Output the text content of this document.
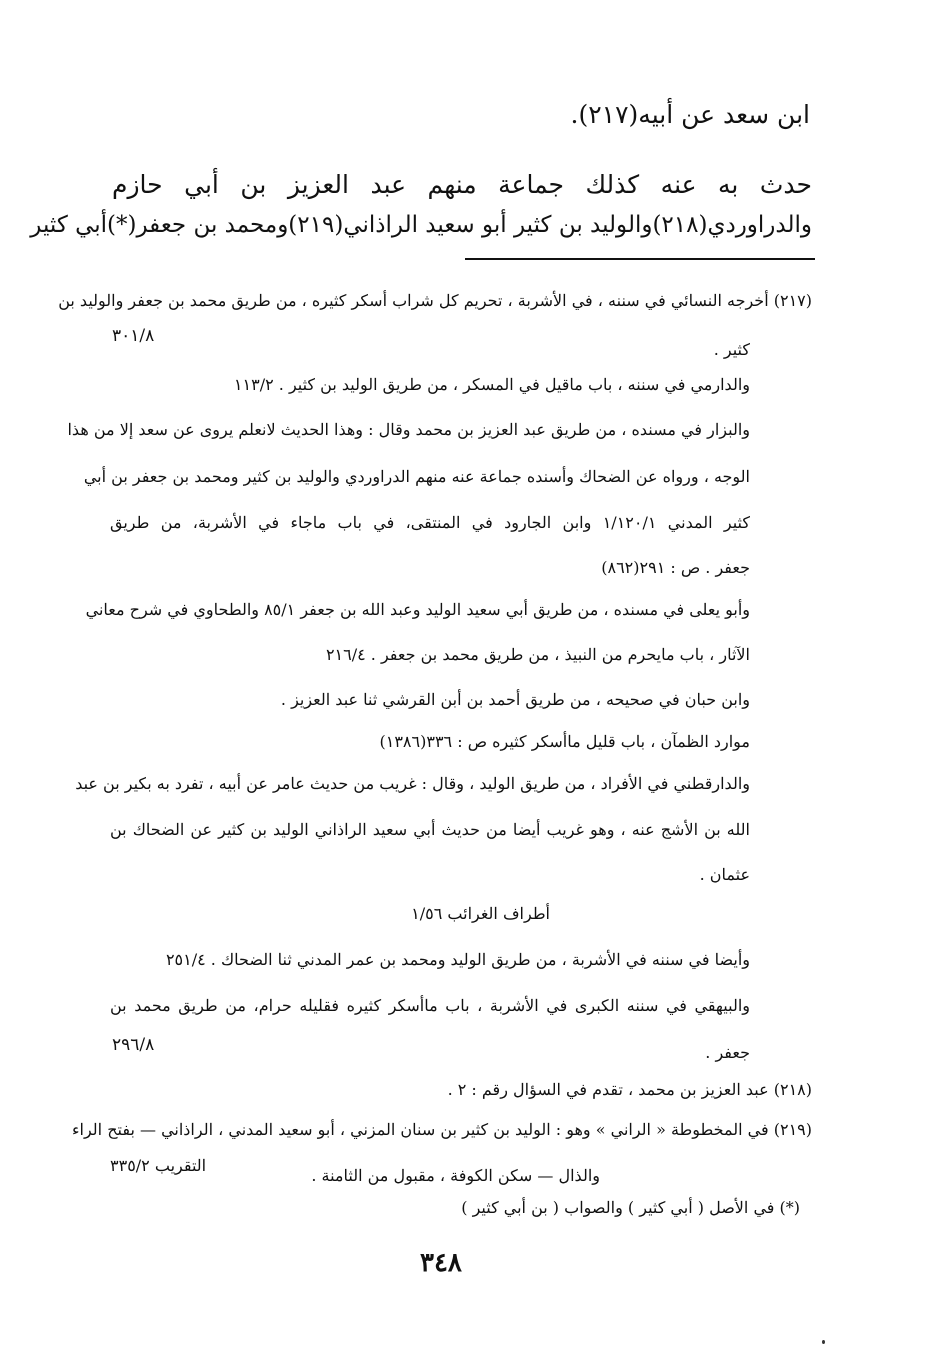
ابن سعد عن أبيه(٢١٧).
حدث به عنه كذلك جماعة منهم عبد العزيز بن أبي حازم
والدراوردي(٢١٨)والوليد بن كثير أبو سعيد الراذاني(٢١٩)ومحمد بن جعفر(*)أبي كثير
(٢١٧) أخرجه النسائي في سننه ، في الأشربة ، تحريم كل شراب أسكر كثيره ، من طريق محمد بن جعفر والوليد بن
٣٠١/٨
كثير .
والدارمي في سننه ، باب ماقيل في المسكر ، من طريق الوليد بن كثير . ١١٣/٢
والبزار في مسنده ، من طريق عبد العزيز بن محمد وقال : وهذا الحديث لانعلم يروى عن سعد إلا من هذا
الوجه ، ورواه عن الضحاك وأسنده جماعة عنه منهم الدراوردي والوليد بن كثير ومحمد بن جعفر بن أبي
كثير المدني ١/١٢٠/١ وابن الجارود في المنتقى، في باب ماجاء في الأشربة، من طريق
جعفر . ص : ٢٩١(٨٦٢)
وأبو يعلى في مسنده ، من طريق أبي سعيد الوليد وعبد الله بن جعفر ٨٥/١ والطحاوي في شرح معاني
الآثار ، باب مايحرم من النبيذ ، من طريق محمد بن جعفر . ٢١٦/٤
وابن حبان في صحيحه ، من طريق أحمد بن أبن القرشي ثنا عبد العزيز .
موارد الظمآن ، باب قليل ماأسكر كثيره ص : ٣٣٦(١٣٨٦)
والدارقطني في الأفراد ، من طريق الوليد ، وقال : غريب من حديث عامر عن أبيه ، تفرد به بكير بن عبد
الله بن الأشج عنه ، وهو غريب أيضا من حديث أبي سعيد الراذاني الوليد بن كثير عن الضحاك بن
عثمان .
أطراف الغرائب ١/٥٦
وأيضا في سننه في الأشربة ، من طريق الوليد ومحمد بن عمر المدني ثنا الضحاك . ٢٥١/٤
والبيهقي في سننه الكبرى في الأشربة ، باب ماأسكر كثيره فقليله حرام، من طريق محمد بن
٢٩٦/٨	جعفر .
(٢١٨) عبد العزيز بن محمد ، تقدم في السؤال رقم : ٢ .
(٢١٩) في المخطوطة « الراني » وهو : الوليد بن كثير بن سنان المزني ، أبو سعيد المدني ، الراذاني — بفتح الراء
التقريب ٣٣٥/٢
والذال — سكن الكوفة ، مقبول من الثامنة .
(*) في الأصل ( أبي كثير ) والصواب ( بن أبي كثير )
٣٤٨
